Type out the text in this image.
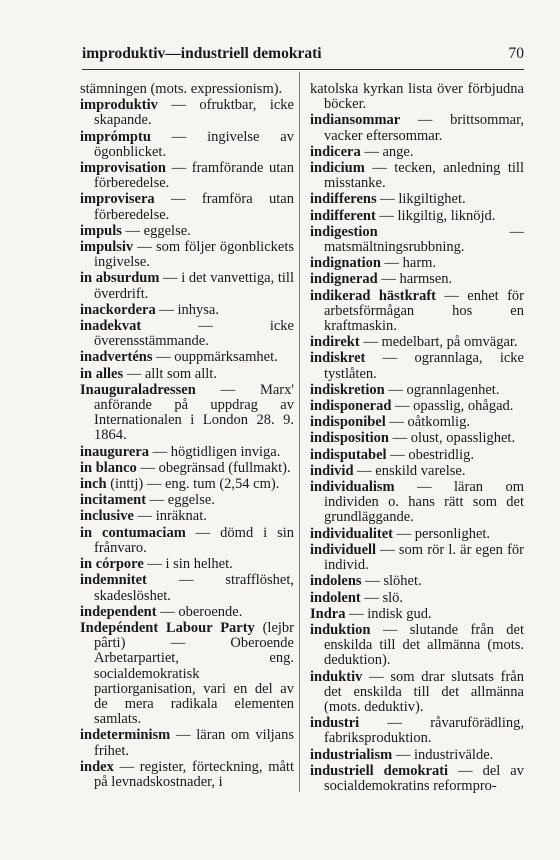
improduktiv—industriell demokrati	70

stämningen (mots. expressionism).

improduktiv — ofruktbar, icke skapande.

imprómptu — ingivelse av ögonblicket.

improvisation — framförande utan förberedelse.

improvisera — framföra utan förberedelse.

impuls — eggelse.

impulsiv — som följer ögonblickets ingivelse.

in absurdum — i det vanvettiga, till överdrift.

inackordera — inhysa.

inadekvat — icke överensstämmande.

inadverténs — ouppmärksamhet.

in alles — allt som allt.

Inauguraladressen — Marx' anförande på uppdrag av Internationalen i London 28. 9. 1864.

inaugurera — högtidligen inviga.

in blanco — obegränsad (fullmakt).

inch (inttj) — eng. tum (2,54 cm).

incitament — eggelse.

inclusive — inräknat.

in contumaciam — dömd i sin frånvaro.

in córpore — i sin helhet.

indemnitet — strafflöshet, skadeslöshet.

independent — oberoende.

Indepéndent Labour Party (lejbr pârti) — Oberoende Arbetarpartiet, eng. socialdemokratisk partiorganisation, vari en del av de mera radikala elementen samlats.

indeterminism — läran om viljans frihet.

index — register, förteckning, mått på levnadskostnader, i

katolska kyrkan lista över förbjudna böcker.

indiansommar — brittsommar, vacker eftersommar.

indicera — ange.

indicium — tecken, anledning till misstanke.

indifferens — likgiltighet.

indifferent — likgiltig, liknöjd.

indigestion — matsmältningsrubbning.

indignation — harm.

indignerad — harmsen.

indikerad hästkraft — enhet för arbetsförmågan hos en kraftmaskin.

indirekt — medelbart, på omvägar.

indiskret — ogrannlaga, icke tystlåten.

indiskretion — ogrannlagenhet.

indisponerad — opasslig, ohågad.

indisponibel — oåtkomlig.

indisposition — olust, opasslighet.

indisputabel — obestridlig.

individ — enskild varelse.

individualism — läran om individen o. hans rätt som det grundläggande.

individualitet — personlighet.

individuell — som rör l. är egen för individ.

indolens — slöhet.

indolent — slö.

Indra — indisk gud.

induktion — slutande från det enskilda till det allmänna (mots. deduktion).

induktiv — som drar slutsats från det enskilda till det allmänna (mots. deduktiv).

industri — råvaruförädling, fabriksproduktion.

industrialism — industrivälde.

industriell demokrati — del av socialdemokratins reformpro-
